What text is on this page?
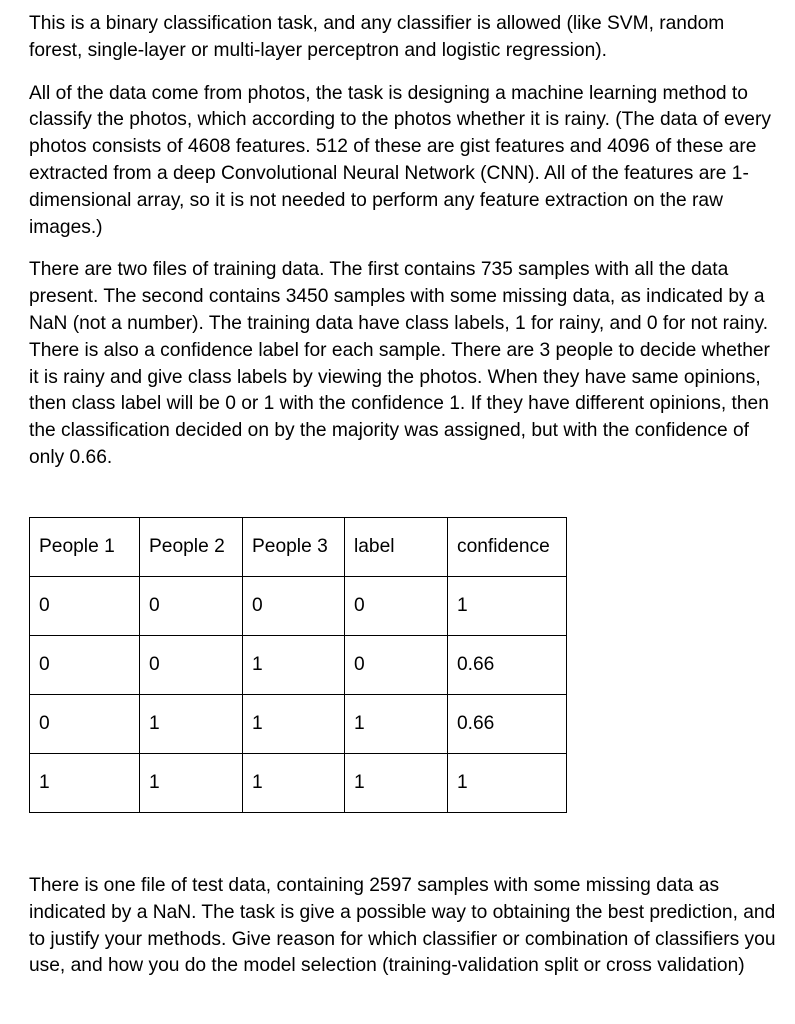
This is a binary classification task, and any classifier is allowed (like SVM, random forest, single-layer or multi-layer perceptron and logistic regression).

All of the data come from photos, the task is designing a machine learning method to classify the photos, which according to the photos whether it is rainy. (The data of every photos consists of 4608 features. 512 of these are gist features and 4096 of these are extracted from a deep Convolutional Neural Network (CNN). All of the features are 1-dimensional array, so it is not needed to perform any feature extraction on the raw images.)

There are two files of training data. The first contains 735 samples with all the data present. The second contains 3450 samples with some missing data, as indicated by a NaN (not a number). The training data have class labels, 1 for rainy, and 0 for not rainy. There is also a confidence label for each sample. There are 3 people to decide whether it is rainy and give class labels by viewing the photos. When they have same opinions, then class label will be 0 or 1 with the confidence 1. If they have different opinions, then the classification decided on by the majority was assigned, but with the confidence of only 0.66.

People 1	People 2	People 3	label	confidence
0	0	0	0	1
0	0	1	0	0.66
0	1	1	1	0.66
1	1	1	1	1

There is one file of test data, containing 2597 samples with some missing data as indicated by a NaN. The task is give a possible way to obtaining the best prediction, and to justify your methods. Give reason for which classifier or combination of classifiers you use, and how you do the model selection (training-validation split or cross validation)
